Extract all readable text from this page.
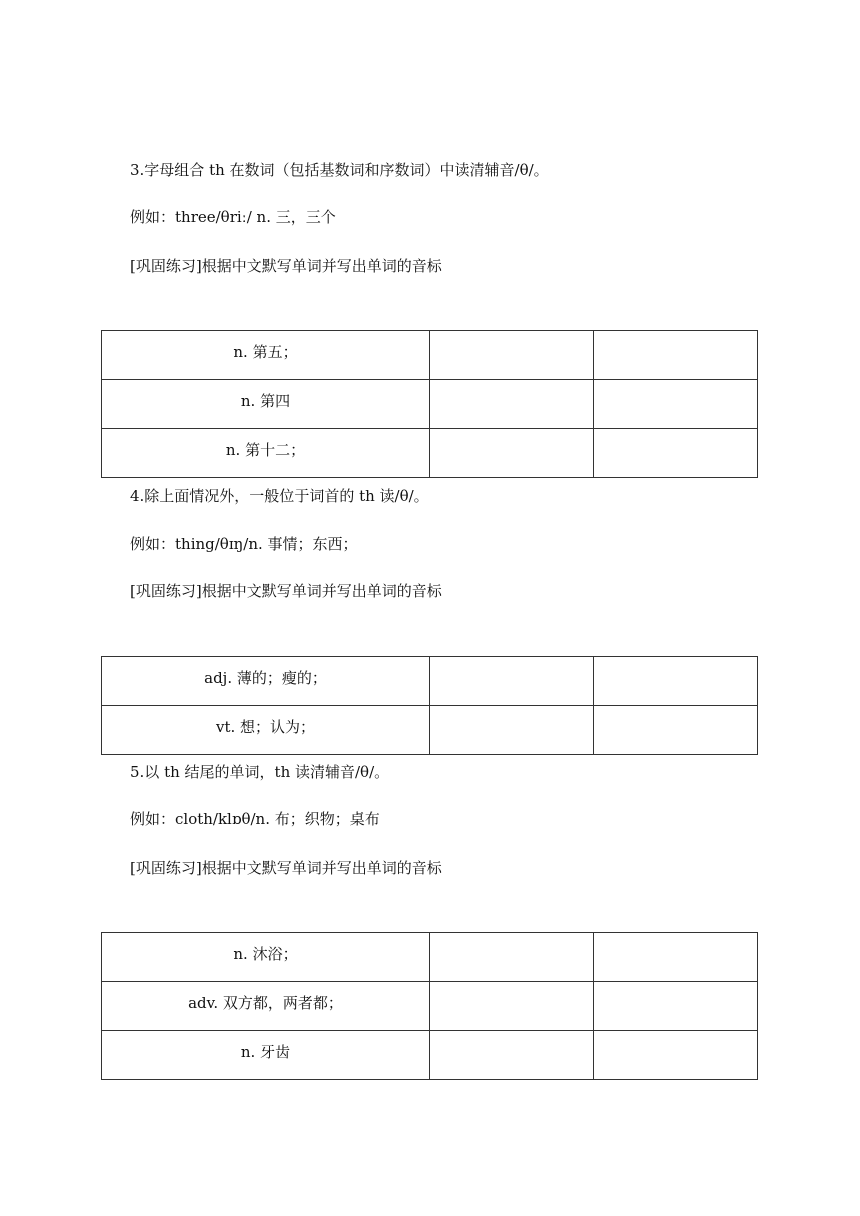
3.字母组合 th 在数词（包括基数词和序数词）中读清辅音/θ/。
例如：three/θriː/ n. 三，三个
[巩固练习]根据中文默写单词并写出单词的音标
n. 第五；		
n. 第四		
n. 第十二；		
4.除上面情况外，一般位于词首的 th 读/θ/。
例如：thing/θɪŋ/n. 事情；东西；
[巩固练习]根据中文默写单词并写出单词的音标
adj. 薄的；瘦的；		
vt. 想；认为；		
5.以 th 结尾的单词，th 读清辅音/θ/。
例如：cloth/klɒθ/n. 布；织物；桌布
[巩固练习]根据中文默写单词并写出单词的音标
n. 沐浴；		
adv. 双方都，两者都；		
n. 牙齿		
